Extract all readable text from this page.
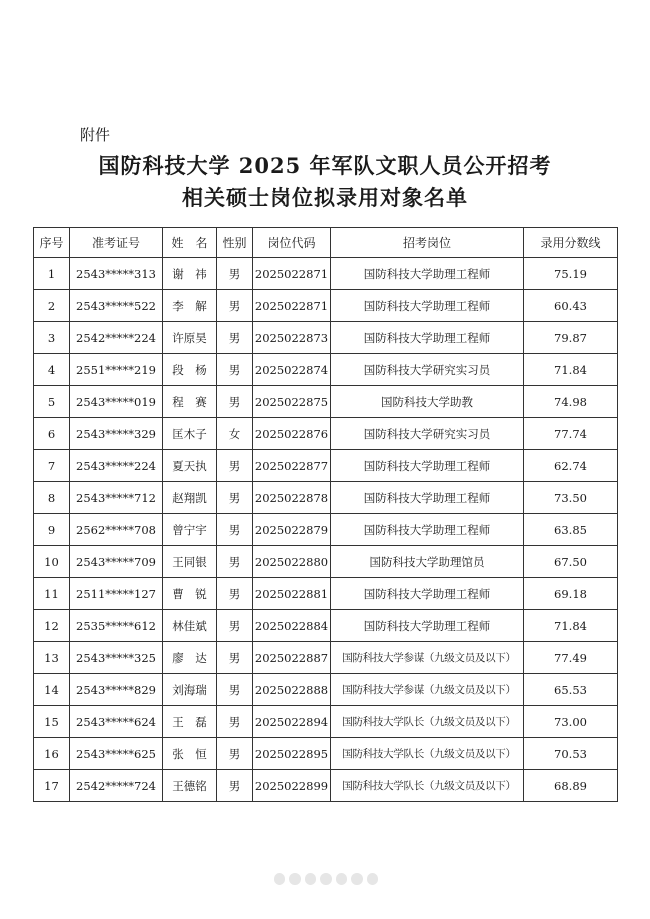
附件
国防科技大学 2025 年军队文职人员公开招考
相关硕士岗位拟录用对象名单
序号	准考证号	姓　名	性别	岗位代码	招考岗位	录用分数线
1	2543*****313	谢　祎	男	2025022871	国防科技大学助理工程师	75.19
2	2543*****522	李　解	男	2025022871	国防科技大学助理工程师	60.43
3	2542*****224	许原昊	男	2025022873	国防科技大学助理工程师	79.87
4	2551*****219	段　杨	男	2025022874	国防科技大学研究实习员	71.84
5	2543*****019	程　赛	男	2025022875	国防科技大学助教	74.98
6	2543*****329	匡木子	女	2025022876	国防科技大学研究实习员	77.74
7	2543*****224	夏天执	男	2025022877	国防科技大学助理工程师	62.74
8	2543*****712	赵翔凯	男	2025022878	国防科技大学助理工程师	73.50
9	2562*****708	曾宁宇	男	2025022879	国防科技大学助理工程师	63.85
10	2543*****709	王同银	男	2025022880	国防科技大学助理馆员	67.50
11	2511*****127	曹　锐	男	2025022881	国防科技大学助理工程师	69.18
12	2535*****612	林佳斌	男	2025022884	国防科技大学助理工程师	71.84
13	2543*****325	廖　达	男	2025022887	国防科技大学参谋（九级文员及以下）	77.49
14	2543*****829	刘海瑞	男	2025022888	国防科技大学参谋（九级文员及以下）	65.53
15	2543*****624	王　磊	男	2025022894	国防科技大学队长（九级文员及以下）	73.00
16	2543*****625	张　恒	男	2025022895	国防科技大学队长（九级文员及以下）	70.53
17	2542*****724	王德铭	男	2025022899	国防科技大学队长（九级文员及以下）	68.89
